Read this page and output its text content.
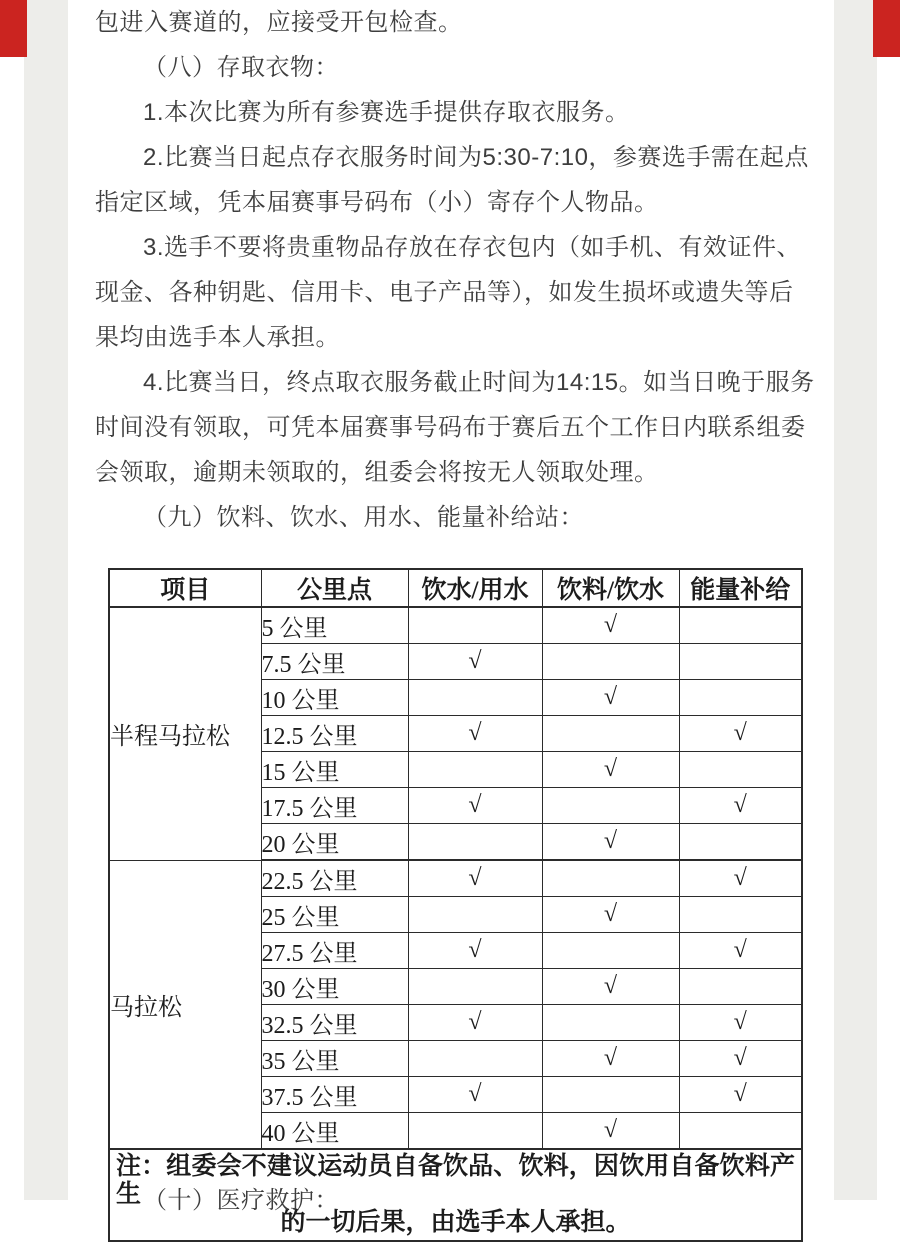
包进入赛道的，应接受开包检查。
（八）存取衣物：
1.本次比赛为所有参赛选手提供存取衣服务。
2.比赛当日起点存衣服务时间为5:30-7:10，参赛选手需在起点
指定区域，凭本届赛事号码布（小）寄存个人物品。
3.选手不要将贵重物品存放在存衣包内（如手机、有效证件、
现金、各种钥匙、信用卡、电子产品等），如发生损坏或遗失等后
果均由选手本人承担。
4.比赛当日，终点取衣服务截止时间为14:15。如当日晚于服务
时间没有领取，可凭本届赛事号码布于赛后五个工作日内联系组委
会领取，逾期未领取的，组委会将按无人领取处理。
（九）饮料、饮水、用水、能量补给站：
项目	公里点	饮水/用水	饮料/饮水	能量补给
半程马拉松	5 公里		√	
	7.5 公里	√		
	10 公里		√	
	12.5 公里	√		√
	15 公里		√	
	17.5 公里	√		√
	20 公里		√	
马拉松	22.5 公里	√		√
	25 公里		√	
	27.5 公里	√		√
	30 公里		√	
	32.5 公里	√		√
	35 公里		√	√
	37.5 公里	√		√
	40 公里		√	

注：组委会不建议运动员自备饮品、饮料，因饮用自备饮料产生
的一切后果，由选手本人承担。				
（十）医疗救护：
